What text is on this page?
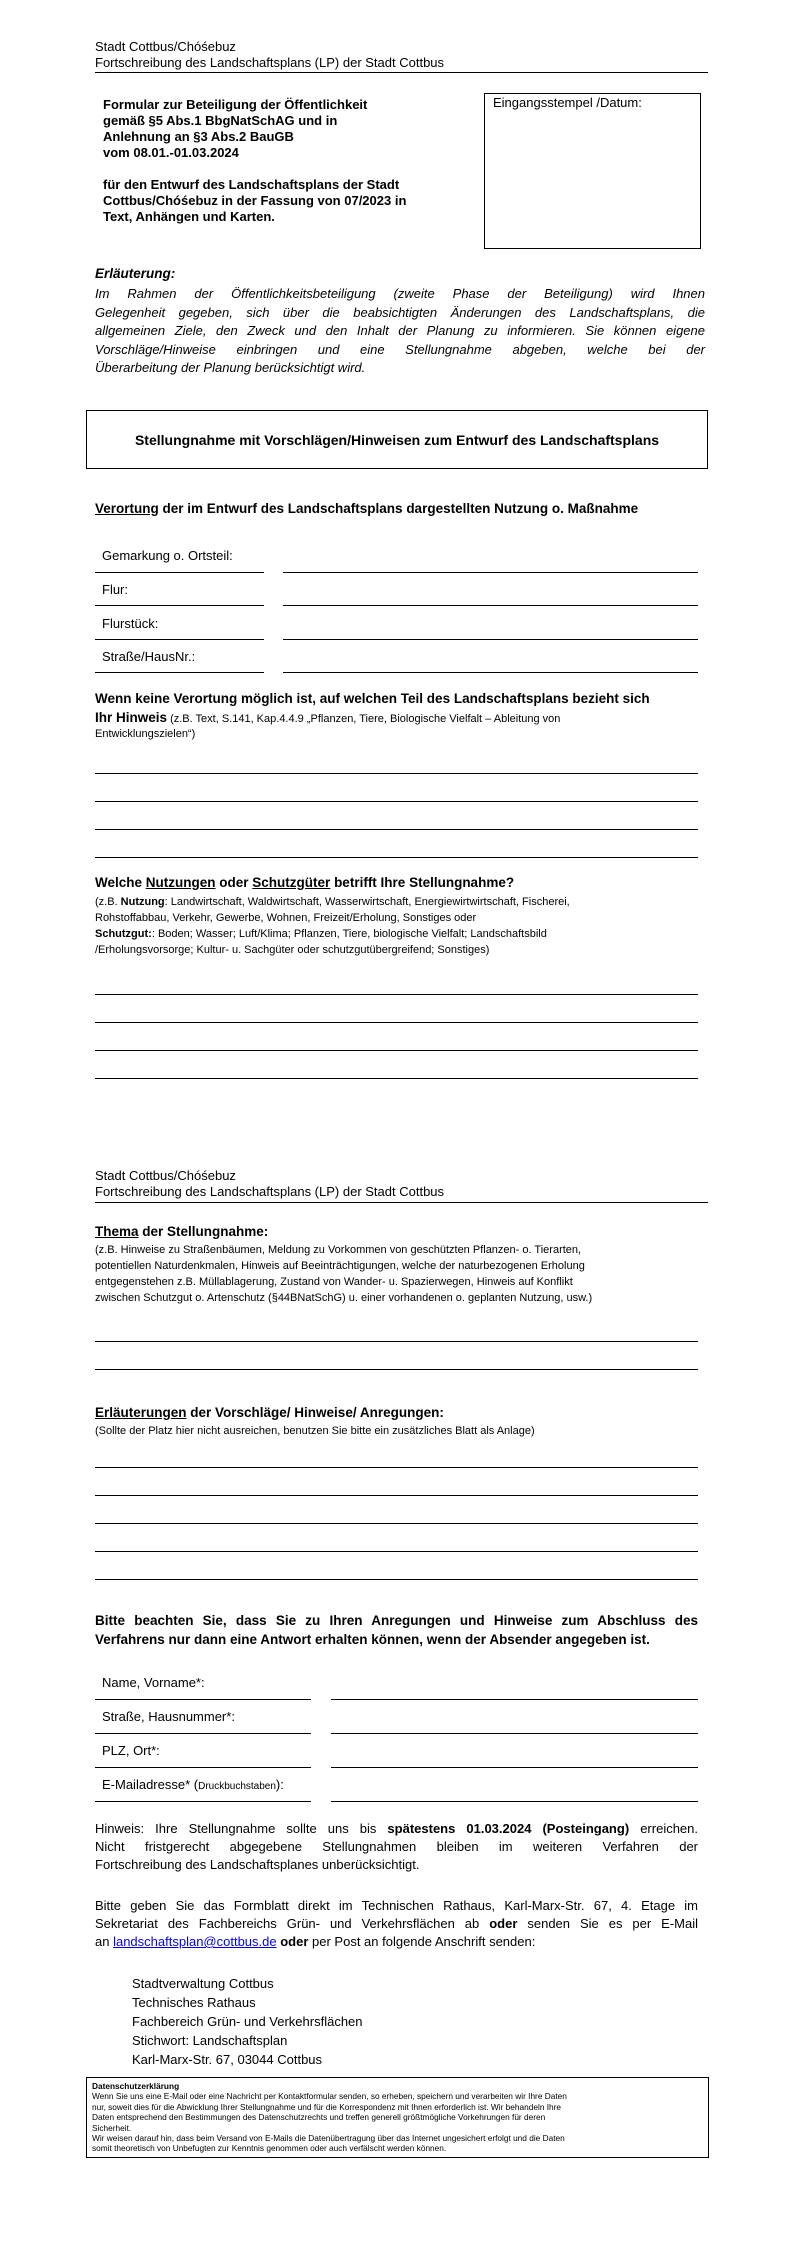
Stadt Cottbus/Chóśebuz
Fortschreibung des Landschaftsplans (LP) der Stadt Cottbus
Formular zur Beteiligung der Öffentlichkeit
gemäß §5 Abs.1 BbgNatSchAG und in
Anlehnung an §3 Abs.2 BauGB
vom 08.01.-01.03.2024
für den Entwurf des Landschaftsplans der Stadt
Cottbus/Chóśebuz in der Fassung von 07/2023 in
Text, Anhängen und Karten.
Eingangsstempel /Datum:
Erläuterung:
Im Rahmen der Öffentlichkeitsbeteiligung (zweite Phase der Beteiligung) wird Ihnen
Gelegenheit gegeben, sich über die beabsichtigten Änderungen des Landschaftsplans, die
allgemeinen Ziele, den Zweck und den Inhalt der Planung zu informieren. Sie können eigene
Vorschläge/Hinweise einbringen und eine Stellungnahme abgeben, welche bei der
Überarbeitung der Planung berücksichtigt wird.
Stellungnahme mit Vorschlägen/Hinweisen zum Entwurf des Landschaftsplans
Verortung der im Entwurf des Landschaftsplans dargestellten Nutzung o. Maßnahme
Gemarkung o. Ortsteil:
Flur:
Flurstück:
Straße/HausNr.:
Wenn keine Verortung möglich ist, auf welchen Teil des Landschaftsplans bezieht sich
Ihr Hinweis (z.B. Text, S.141, Kap.4.4.9 „Pflanzen, Tiere, Biologische Vielfalt – Ableitung von
Entwicklungszielen“)
Welche Nutzungen oder Schutzgüter betrifft Ihre Stellungnahme?
(z.B. Nutzung: Landwirtschaft, Waldwirtschaft, Wasserwirtschaft, Energiewirtwirtschaft, Fischerei,
Rohstoffabbau, Verkehr, Gewerbe, Wohnen, Freizeit/Erholung, Sonstiges oder
Schutzgut:: Boden; Wasser; Luft/Klima; Pflanzen, Tiere, biologische Vielfalt; Landschaftsbild
/Erholungsvorsorge; Kultur- u. Sachgüter oder schutzgutübergreifend; Sonstiges)
Stadt Cottbus/Chóśebuz
Fortschreibung des Landschaftsplans (LP) der Stadt Cottbus
Thema der Stellungnahme:
(z.B. Hinweise zu Straßenbäumen, Meldung zu Vorkommen von geschützten Pflanzen- o. Tierarten,
potentiellen Naturdenkmalen, Hinweis auf Beeinträchtigungen, welche der naturbezogenen Erholung
entgegenstehen z.B. Müllablagerung, Zustand von Wander- u. Spazierwegen, Hinweis auf Konflikt
zwischen Schutzgut o. Artenschutz (§44BNatSchG) u. einer vorhandenen o. geplanten Nutzung, usw.)
Erläuterungen der Vorschläge/ Hinweise/ Anregungen:
(Sollte der Platz hier nicht ausreichen, benutzen Sie bitte ein zusätzliches Blatt als Anlage)
Bitte beachten Sie, dass Sie zu Ihren Anregungen und Hinweise zum Abschluss des
Verfahrens nur dann eine Antwort erhalten können, wenn der Absender angegeben ist.
Name, Vorname*:
Straße, Hausnummer*:
PLZ, Ort*:
E-Mailadresse* (Druckbuchstaben):
Hinweis: Ihre Stellungnahme sollte uns bis spätestens 01.03.2024 (Posteingang) erreichen.
Nicht fristgerecht abgegebene Stellungnahmen bleiben im weiteren Verfahren der
Fortschreibung des Landschaftsplanes unberücksichtigt.
Bitte geben Sie das Formblatt direkt im Technischen Rathaus, Karl-Marx-Str. 67, 4. Etage im
Sekretariat des Fachbereichs Grün- und Verkehrsflächen ab oder senden Sie es per E-Mail
an landschaftsplan@cottbus.de oder per Post an folgende Anschrift senden:
Stadtverwaltung Cottbus
Technisches Rathaus
Fachbereich Grün- und Verkehrsflächen
Stichwort: Landschaftsplan
Karl-Marx-Str. 67, 03044 Cottbus
Datenschutzerklärung
Wenn Sie uns eine E-Mail oder eine Nachricht per Kontaktformular senden, so erheben, speichern und verarbeiten wir Ihre Daten
nur, soweit dies für die Abwicklung Ihrer Stellungnahme und für die Korrespondenz mit Ihnen erforderlich ist. Wir behandeln Ihre
Daten entsprechend den Bestimmungen des Datenschutzrechts und treffen generell größtmögliche Vorkehrungen für deren
Sicherheit.
Wir weisen darauf hin, dass beim Versand von E-Mails die Datenübertragung über das Internet ungesichert erfolgt und die Daten
somit theoretisch von Unbefugten zur Kenntnis genommen oder auch verfälscht werden können.
